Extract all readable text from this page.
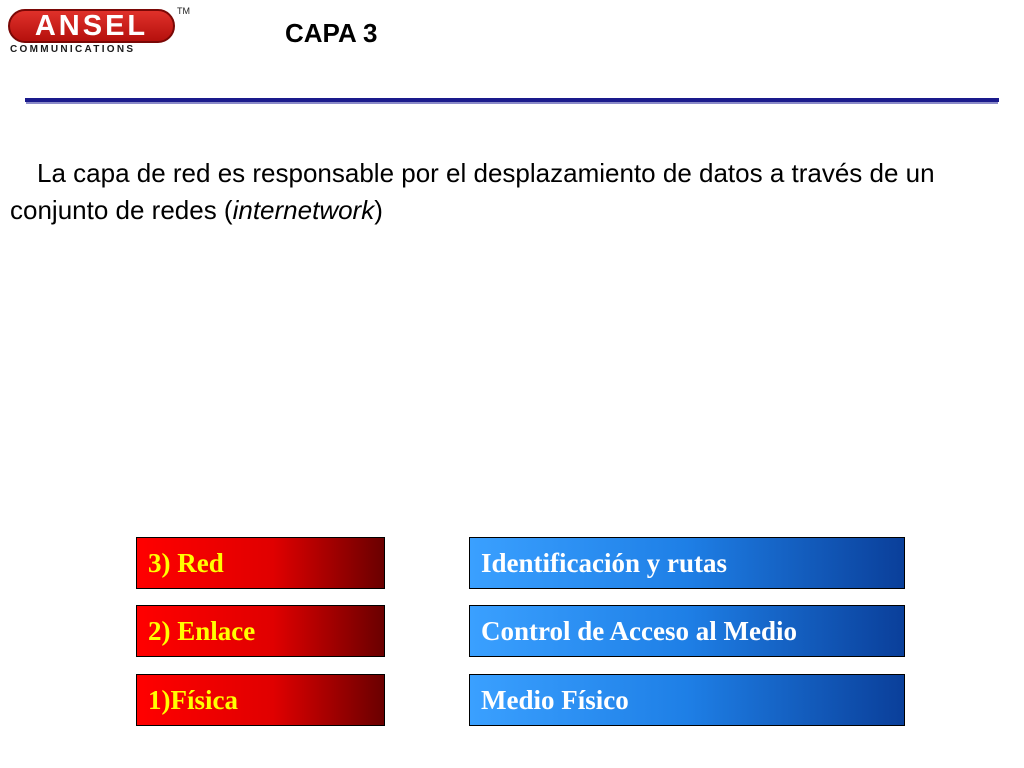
ANSEL	TM
COMMUNICATIONS
CAPA 3
La capa de red es responsable por el desplazamiento de datos a través de un conjunto de redes (internetwork)
3) Red	Identificación y rutas
2) Enlace	Control de Acceso al Medio
1)Física	Medio Físico
